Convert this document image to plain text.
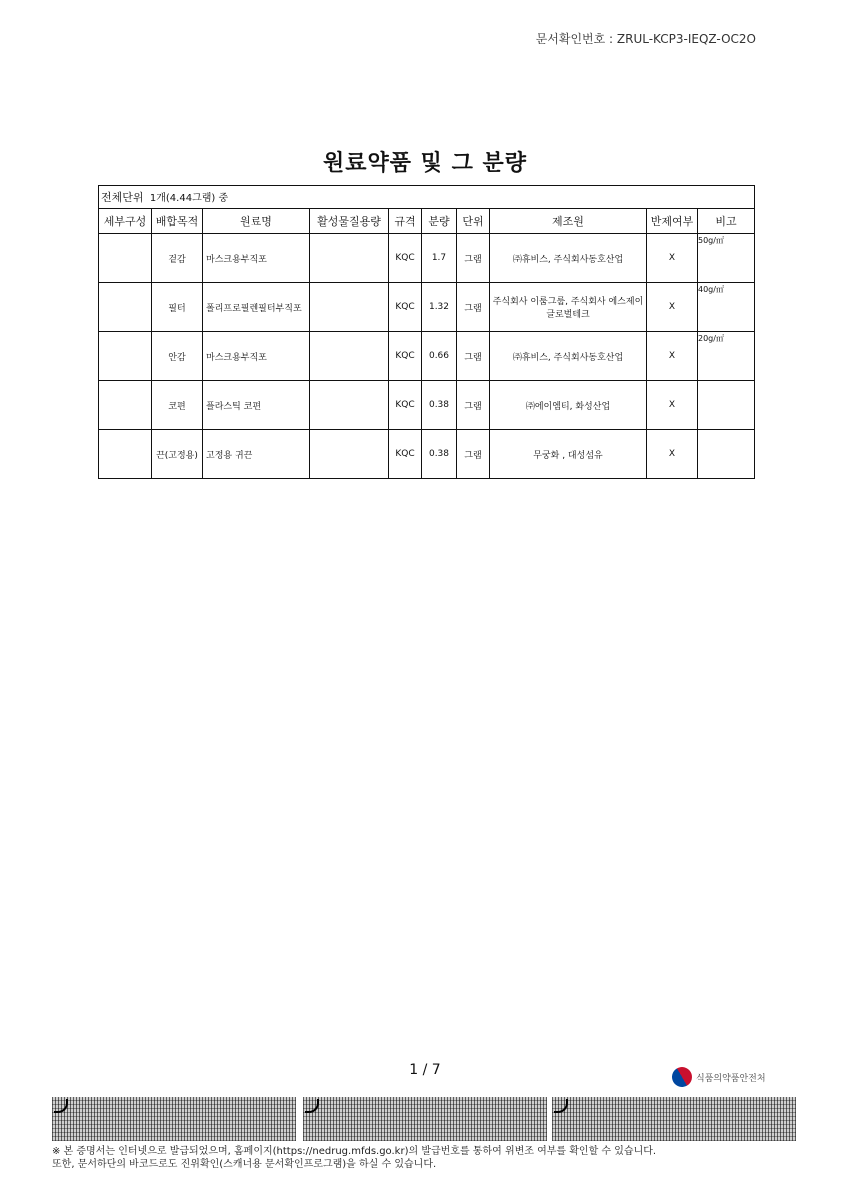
문서확인번호 : ZRUL-KCP3-IEQZ-OC2O
원료약품 및 그 분량
전체단위 1개(4.44그램) 중									
세부구성	배합목적	원료명	활성물질용량	규격	분량	단위	제조원	반제여부	비고
	겉감	마스크용부직포		KQC	1.7	그램	㈜휴비스, 주식회사동호산업	X	50g/㎡
	필터	폴리프로필렌필터부직포		KQC	1.32	그램	주식회사 이룸그룹, 주식회사 에스제이글로벌테크	X	40g/㎡
	안감	마스크용부직포		KQC	0.66	그램	㈜휴비스, 주식회사동호산업	X	20g/㎡
	코편	플라스틱 코편		KQC	0.38	그램	㈜에이엠티, 화성산업	X	
	끈(고정용)	고정용 귀끈		KQC	0.38	그램	무궁화 , 대성섬유	X	
1 / 7
식품의약품안전처
※ 본 증명서는 인터넷으로 발급되었으며, 홈페이지(https://nedrug.mfds.go.kr)의 발급번호를 통하여 위변조 여부를 확인할 수 있습니다.
또한, 문서하단의 바코드로도 진위확인(스캐너용 문서확인프로그램)을 하실 수 있습니다.
